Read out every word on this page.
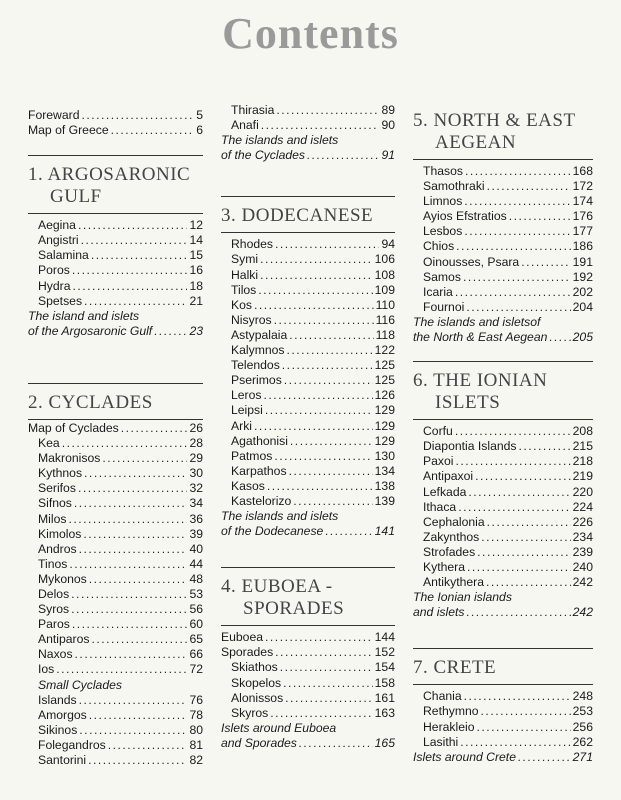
Contents
Foreward .....	5
Map of Greece .....	6
1. ARGOSARONIC
GULF
Aegina .....	12
Angistri .....	14
Salamina .....	15
Poros .....	16
Hydra .....	18
Spetses .....	21
The island and islets
of the Argosaronic Gulf .....	23
2. CYCLADES
Map of Cyclades .....	26
Kea .....	28
Makronisos .....	29
Kythnos .....	30
Serifos .....	32
Sifnos .....	34
Milos .....	36
Kimolos .....	39
Andros .....	40
Tinos .....	44
Mykonos .....	48
Delos .....	53
Syros .....	56
Paros .....	60
Antiparos .....	65
Naxos .....	66
Ios .....	72
Small Cyclades
Islands .....	76
Amorgos .....	78
Sikinos .....	80
Folegandros .....	81
Santorini .....	82
Thirasia .....	89
Anafi .....	90
The islands and islets
of the Cyclades .....	91
3. DODECANESE
Rhodes .....	94
Symi .....	106
Halki .....	108
Tilos .....	109
Kos .....	110
Nisyros .....	116
Astypalaia .....	118
Kalymnos .....	122
Telendos .....	125
Pserimos .....	125
Leros .....	126
Leipsi .....	129
Arki .....	129
Agathonisi .....	129
Patmos .....	130
Karpathos .....	134
Kasos .....	138
Kastelorizo .....	139
The islands and islets
of the Dodecanese .....	141
4. EUBOEA -
SPORADES
Euboea .....	144
Sporades .....	152
Skiathos .....	154
Skopelos .....	158
Alonissos .....	161
Skyros .....	163
Islets around Euboea
and Sporades .....	165
5. NORTH & EAST
AEGEAN
Thasos .....	168
Samothraki .....	172
Limnos .....	174
Ayios Efstratios .....	176
Lesbos .....	177
Chios .....	186
Oinousses, Psara .....	191
Samos .....	192
Icaria .....	202
Fournoi .....	204
The islands and isletsof
the North & East Aegean ..... 205
6. THE IONIAN
ISLETS
Corfu .....	208
Diapontia Islands .....	215
Paxoi .....	218
Antipaxoi .....	219
Lefkada .....	220
Ithaca .....	224
Cephalonia .....	226
Zakynthos .....	234
Strofades .....	239
Kythera .....	240
Antikythera .....	242
The Ionian islands
and islets .....	242
7. CRETE
Chania .....	248
Rethymno .....	253
Herakleio .....	256
Lasithi .....	262
Islets around Crete .....	271
